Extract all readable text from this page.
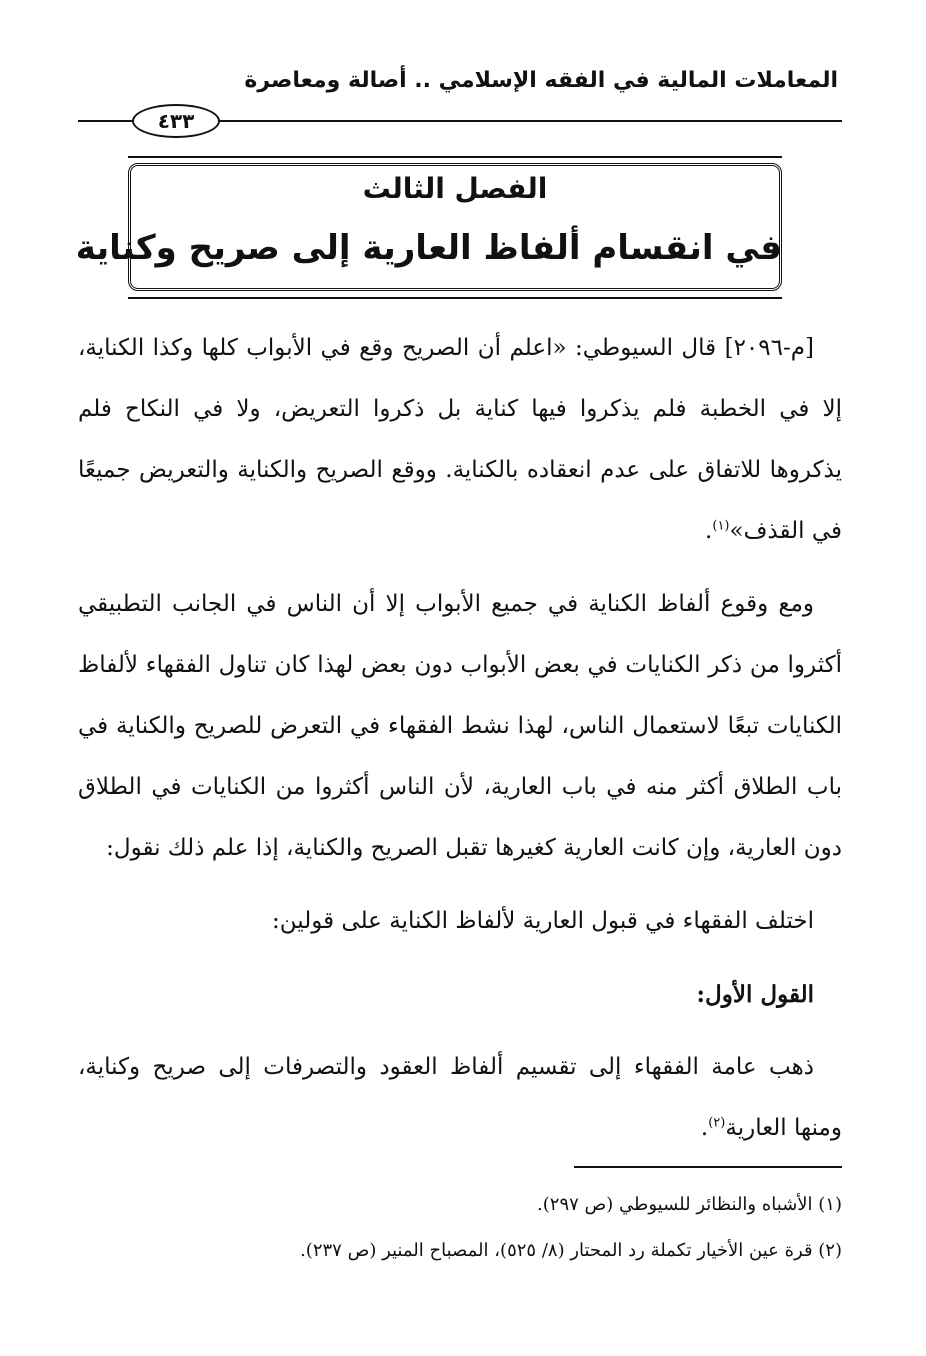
المعاملات المالية في الفقه الإسلامي .. أصالة ومعاصرة
٤٣٣
الفصل الثالث
في انقسام ألفاظ العارية إلى صريح وكناية

[م-٢٠٩٦] قال السيوطي: «اعلم أن الصريح وقع في الأبواب كلها وكذا الكناية، إلا في الخطبة فلم يذكروا فيها كناية بل ذكروا التعريض، ولا في النكاح فلم يذكروها للاتفاق على عدم انعقاده بالكناية. ووقع الصريح والكناية والتعريض جميعًا في القذف»$^{(١)}$.

ومع وقوع ألفاظ الكناية في جميع الأبواب إلا أن الناس في الجانب التطبيقي أكثروا من ذكر الكنايات في بعض الأبواب دون بعض لهذا كان تناول الفقهاء لألفاظ الكنايات تبعًا لاستعمال الناس، لهذا نشط الفقهاء في التعرض للصريح والكناية في باب الطلاق أكثر منه في باب العارية، لأن الناس أكثروا من الكنايات في الطلاق دون العارية، وإن كانت العارية كغيرها تقبل الصريح والكناية، إذا علم ذلك نقول:

اختلف الفقهاء في قبول العارية لألفاظ الكناية على قولين:

القول الأول:

ذهب عامة الفقهاء إلى تقسيم ألفاظ العقود والتصرفات إلى صريح وكناية، ومنها العارية$^{(٢)}$.

(١) الأشباه والنظائر للسيوطي (ص ٢٩٧).
(٢) قرة عين الأخيار تكملة رد المحتار (٨/ ٥٢٥)، المصباح المنير (ص ٢٣٧).
